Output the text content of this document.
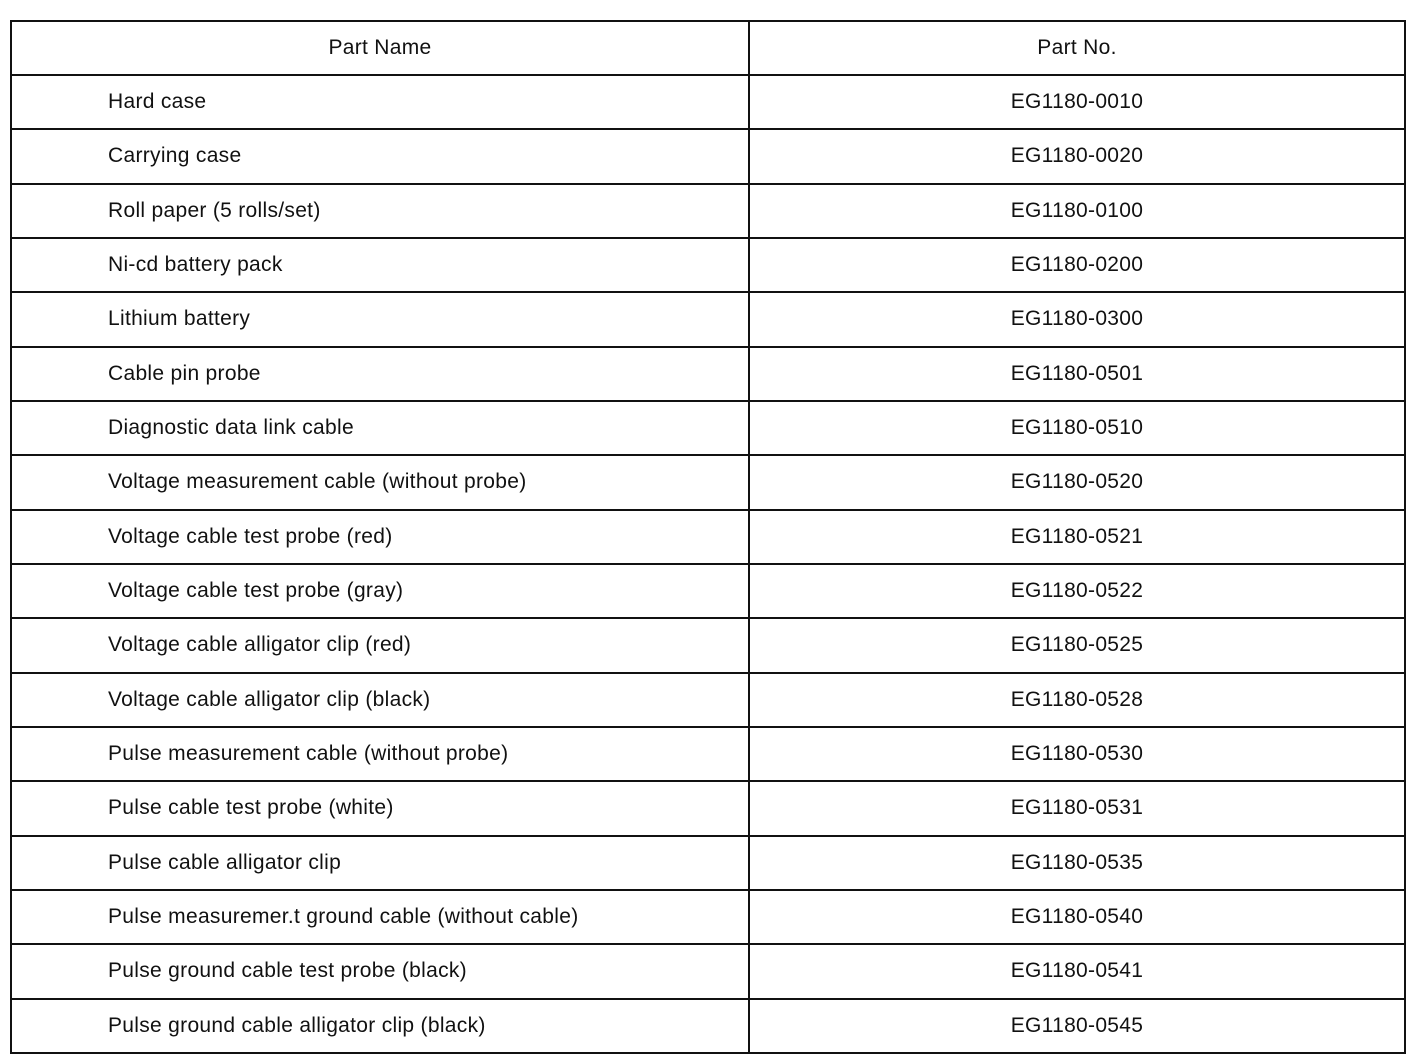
Part Name	Part No.
Hard case	EG1180-0010
Carrying case	EG1180-0020
Roll paper (5 rolls/set)	EG1180-0100
Ni-cd battery pack	EG1180-0200
Lithium battery	EG1180-0300
Cable pin probe	EG1180-0501
Diagnostic data link cable	EG1180-0510
Voltage measurement cable (without probe)	EG1180-0520
Voltage cable test probe (red)	EG1180-0521
Voltage cable test probe (gray)	EG1180-0522
Voltage cable alligator clip (red)	EG1180-0525
Voltage cable alligator clip (black)	EG1180-0528
Pulse measurement cable (without probe)	EG1180-0530
Pulse cable test probe (white)	EG1180-0531
Pulse cable alligator clip	EG1180-0535
Pulse measuremer.t ground cable (without cable)	EG1180-0540
Pulse ground cable test probe (black)	EG1180-0541
Pulse ground cable alligator clip (black)	EG1180-0545
